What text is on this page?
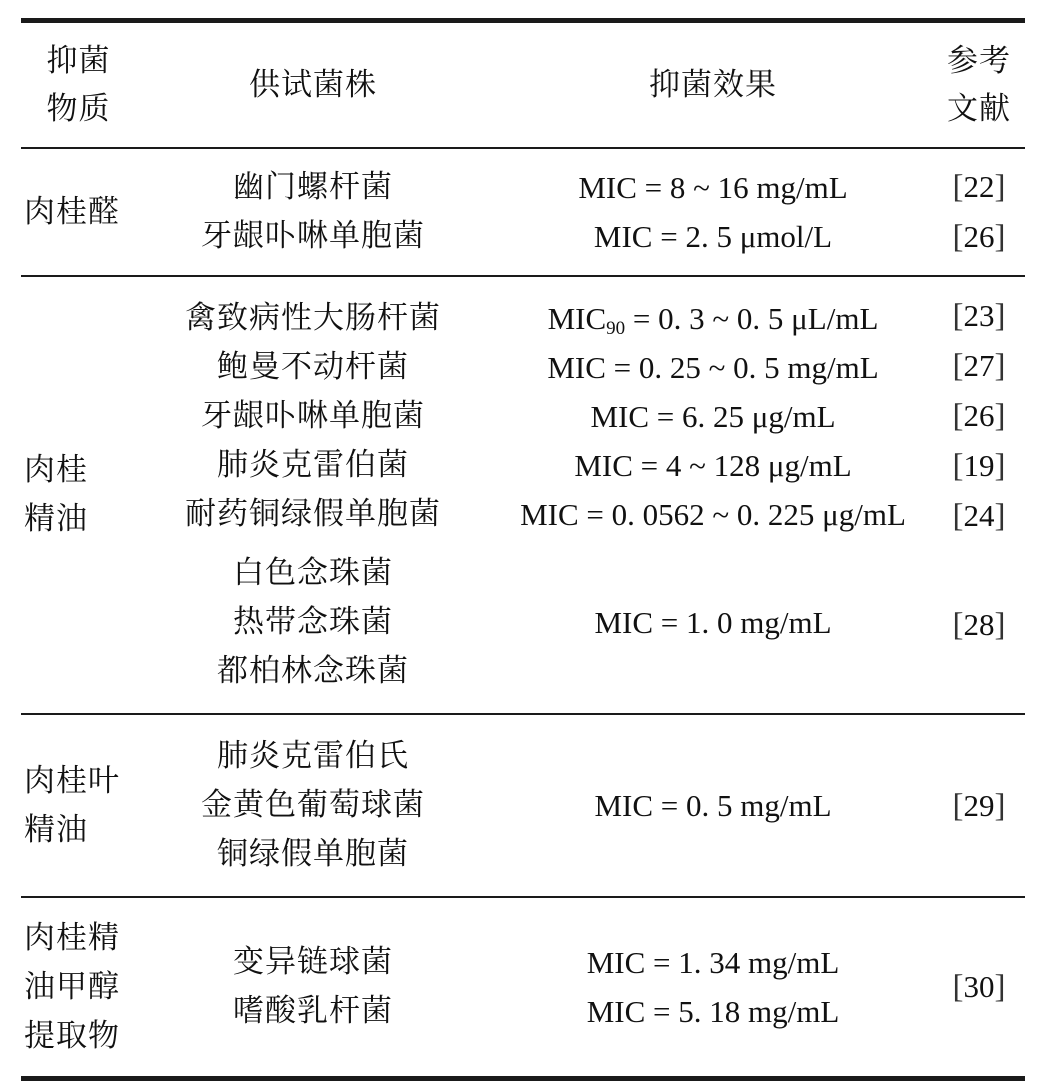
抑菌
物质
供试菌株	抑菌效果
参考
文献
肉桂醛
幽门螺杆菌
牙龈卟啉单胞菌
MIC = 8 ~ 16 mg/mL
MIC = 2. 5 μmol/L
[22]
[26]
肉桂
精油
禽致病性大肠杆菌
鲍曼不动杆菌
牙龈卟啉单胞菌
肺炎克雷伯菌
耐药铜绿假单胞菌
白色念珠菌
热带念珠菌
都柏林念珠菌
$MIC_{90} = 0$. 3 ~ 0. 5 μL/mL
MIC = 0. 25 ~ 0. 5 mg/mL
MIC = 6. 25 μg/mL
MIC = 4 ~ 128 μg/mL
MIC = 0. 0562 ~ 0. 225 μg/mL
MIC = 1. 0 mg/mL
[23]
[27]
[26]
[19]
[24]
[28]
肉桂叶
精油
肺炎克雷伯氏
金黄色葡萄球菌
铜绿假单胞菌
MIC = 0. 5 mg/mL	[29]
肉桂精
油甲醇
提取物
变异链球菌
嗜酸乳杆菌
MIC = 1. 34 mg/mL
MIC = 5. 18 mg/mL
[30]
